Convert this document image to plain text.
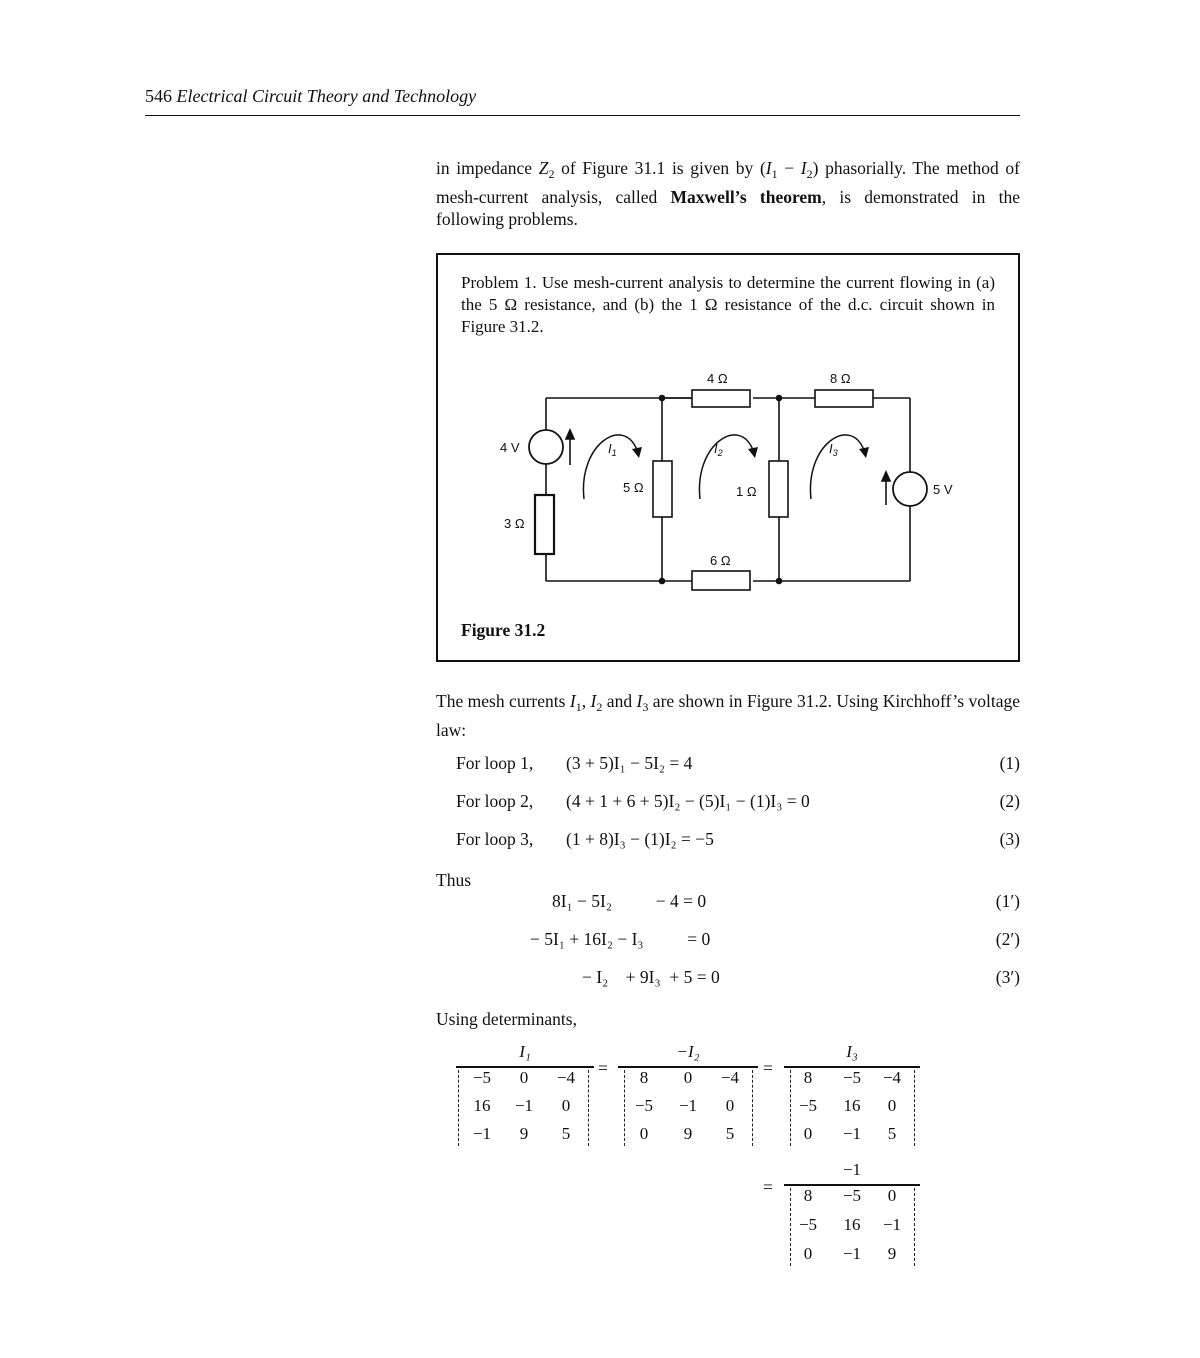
546 Electrical Circuit Theory and Technology
in impedance $Z_2$ of Figure 31.1 is given by $(I_1 - I_2)$ phasorially. The method of mesh-current analysis, called Maxwell’s theorem, is demonstrated in the following problems.
Problem 1. Use mesh-current analysis to determine the current flowing in (a) the 5 Ω resistance, and (b) the 1 Ω resistance of the d.c. circuit shown in Figure 31.2.
4 Ω	8 Ω
5 Ω	1 Ω
3 Ω
6 Ω
4 V
5 V
$I_1$	$I_2$	$I_3$
Figure 31.2
The mesh currents $I_1$, $I_2$ and $I_3$ are shown in Figure 31.2. Using Kirchhoff’s voltage law:
For loop 1, (3 + 5)I₁ − 5I₂ = 4	(1)
For loop 2, (4 + 1 + 6 + 5)I₂ − (5)I₁ − (1)I₃ = 0	(2)
For loop 3, (1 + 8)I₃ − (1)I₂ = −5	(3)
Thus
8I₁ − 5I₂          − 4 = 0	(1′)
− 5I₁ + 16I₂ − I₃          = 0	(2′)
− I₂    + 9I₃  + 5 = 0	(3′)
Using determinants,
I₁
−5	0	−4
16	−1	0
−1	9	5
=
−I₂
8	0	−4
−5	−1	0
0	9	5
=
I₃
8	−5	−4
−5	16	0
0	−1	5
=
−1
8	−5	0
−5	16	−1
0	−1	9
